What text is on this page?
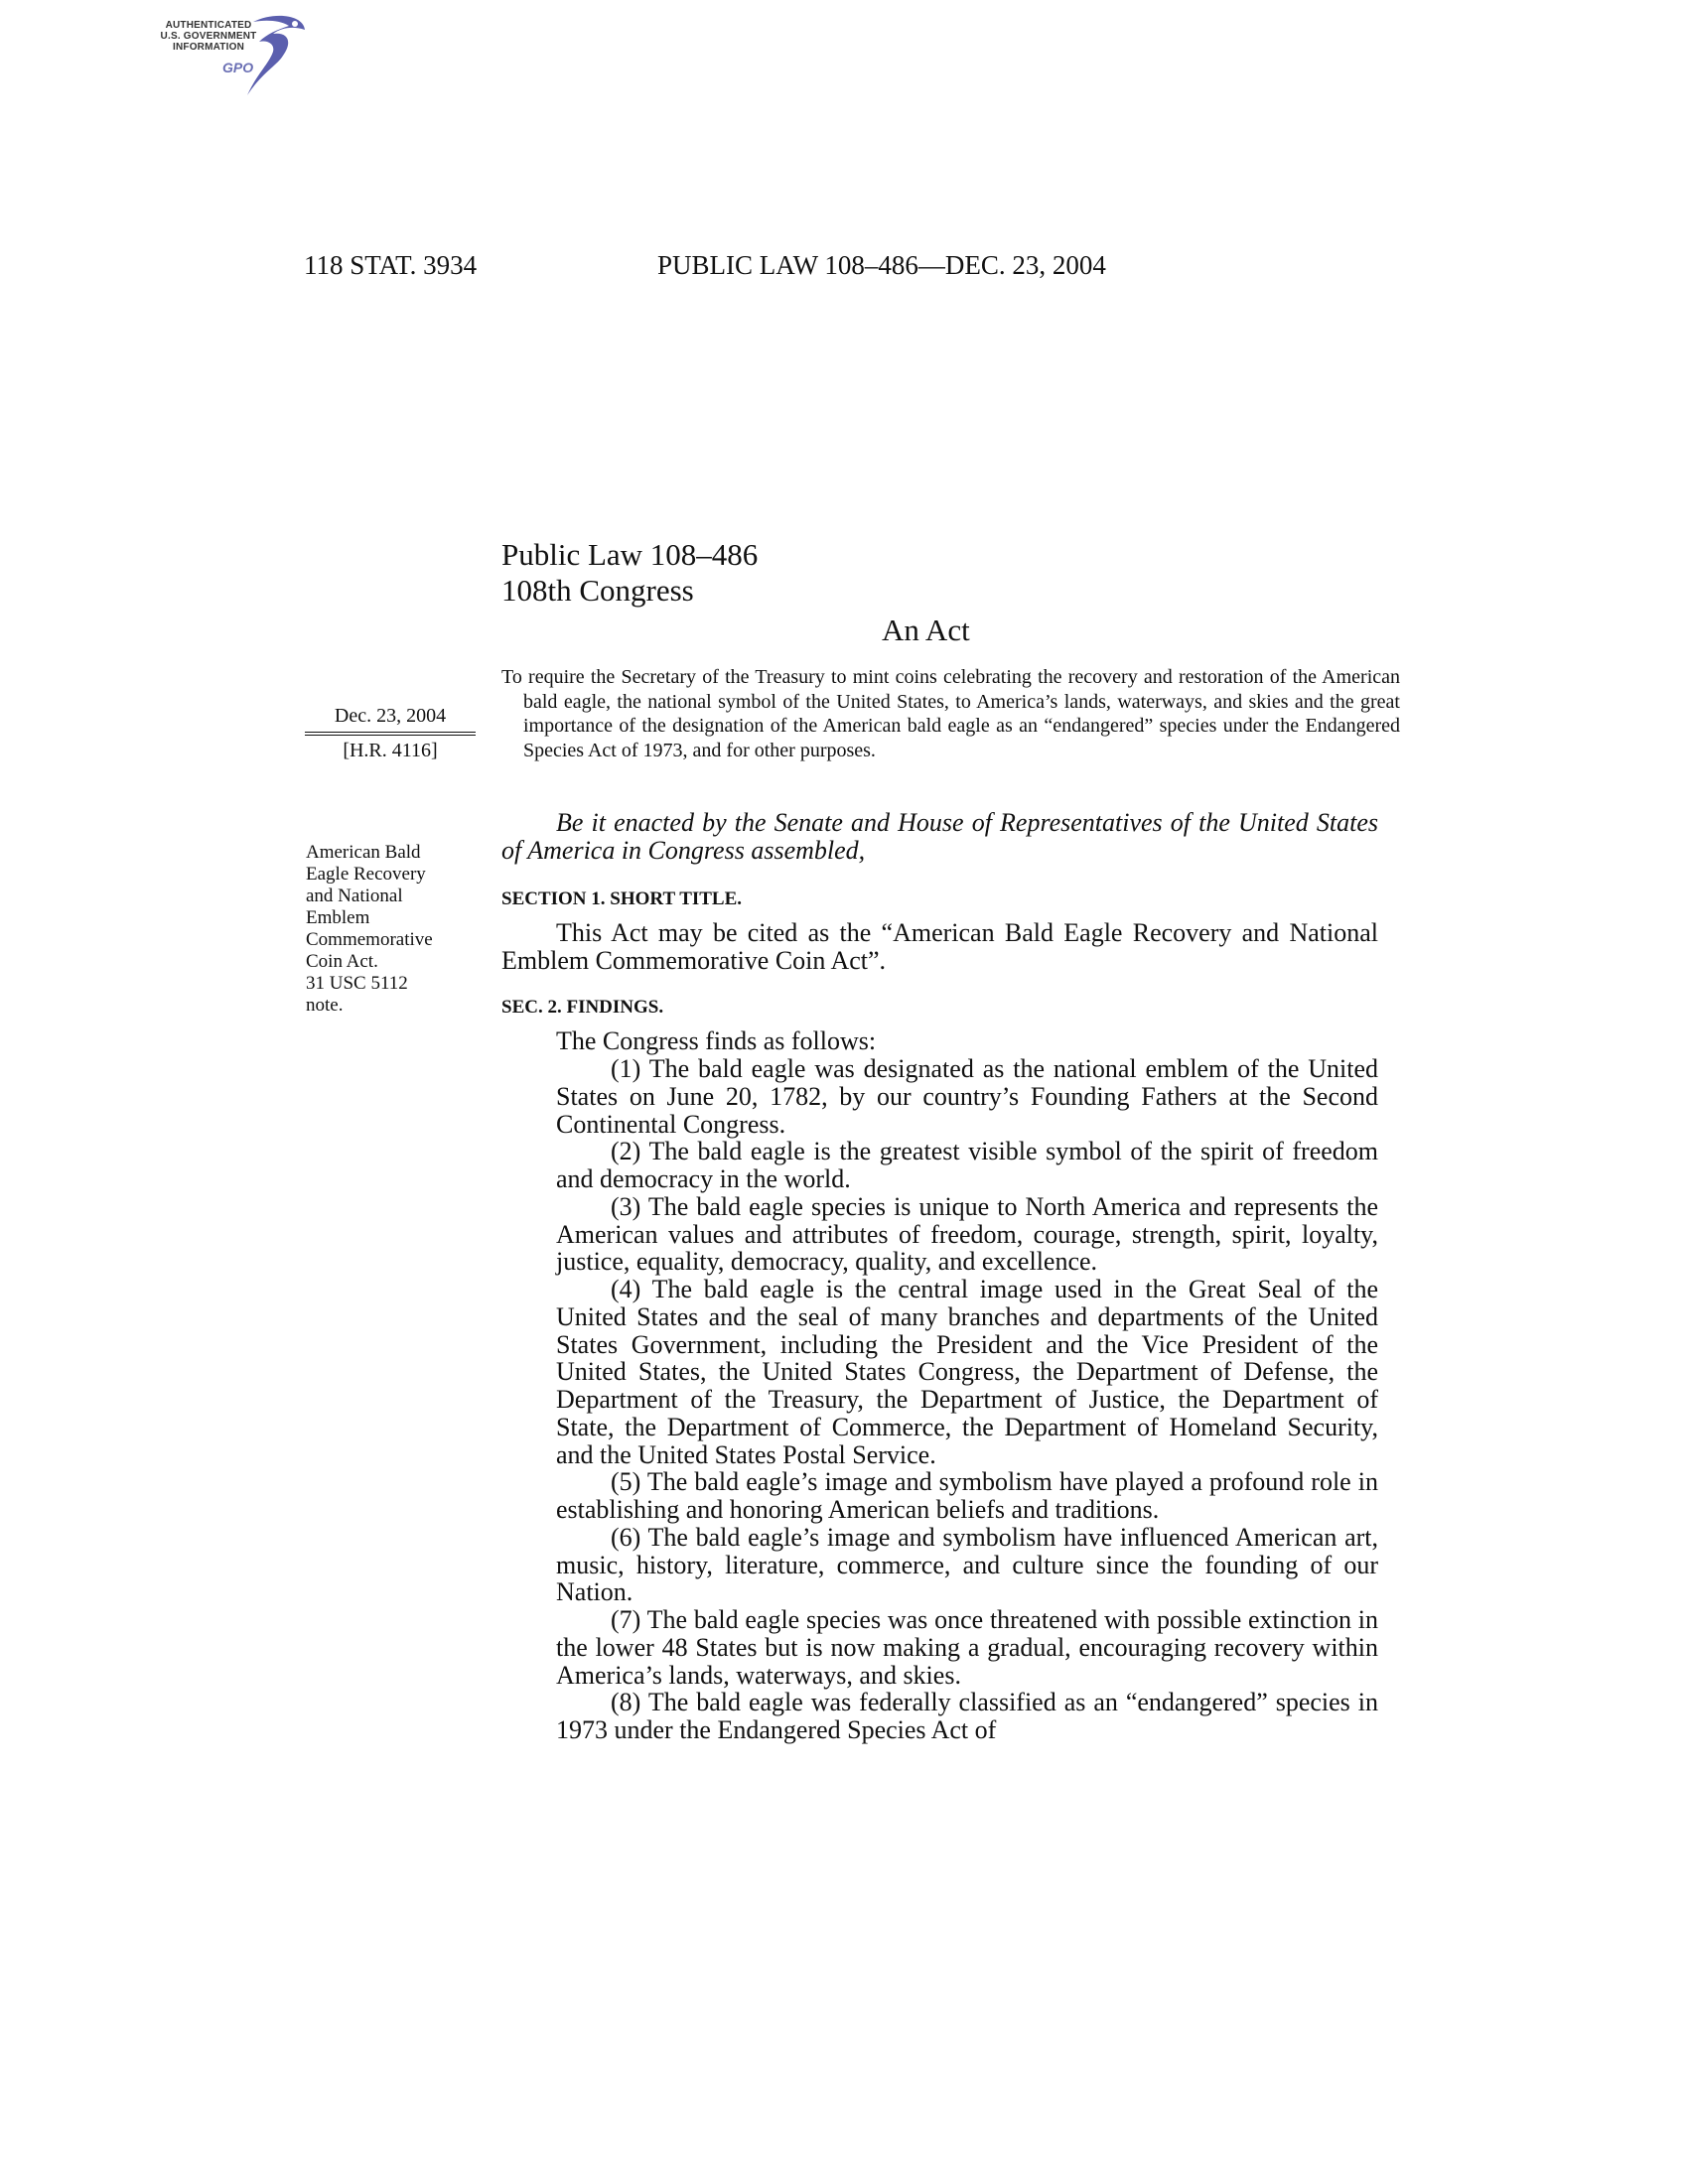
AUTHENTICATED
U.S. GOVERNMENT
INFORMATION
GPO
118 STAT. 3934	PUBLIC LAW 108–486—DEC. 23, 2004
Public Law 108–486
108th Congress
An Act
Dec. 23, 2004
[H.R. 4116]
To require the Secretary of the Treasury to mint coins celebrating the recovery and restoration of the American bald eagle, the national symbol of the United States, to America’s lands, waterways, and skies and the great importance of the designation of the American bald eagle as an “endangered” species under the Endangered Species Act of 1973, and for other purposes.
American Bald
Eagle Recovery
and National
Emblem
Commemorative
Coin Act.
31 USC 5112
note.
Be it enacted by the Senate and House of Representatives of the United States of America in Congress assembled,
SECTION 1. SHORT TITLE.
This Act may be cited as the “American Bald Eagle Recovery and National Emblem Commemorative Coin Act”.
SEC. 2. FINDINGS.
The Congress finds as follows:

(1) The bald eagle was designated as the national emblem of the United States on June 20, 1782, by our country’s Founding Fathers at the Second Continental Congress.

(2) The bald eagle is the greatest visible symbol of the spirit of freedom and democracy in the world.

(3) The bald eagle species is unique to North America and represents the American values and attributes of freedom, courage, strength, spirit, loyalty, justice, equality, democracy, quality, and excellence.

(4) The bald eagle is the central image used in the Great Seal of the United States and the seal of many branches and departments of the United States Government, including the President and the Vice President of the United States, the United States Congress, the Department of Defense, the Department of the Treasury, the Department of Justice, the Department of State, the Department of Commerce, the Department of Homeland Security, and the United States Postal Service.

(5) The bald eagle’s image and symbolism have played a profound role in establishing and honoring American beliefs and traditions.

(6) The bald eagle’s image and symbolism have influenced American art, music, history, literature, commerce, and culture since the founding of our Nation.

(7) The bald eagle species was once threatened with possible extinction in the lower 48 States but is now making a gradual, encouraging recovery within America’s lands, waterways, and skies.

(8) The bald eagle was federally classified as an “endangered” species in 1973 under the Endangered Species Act of
